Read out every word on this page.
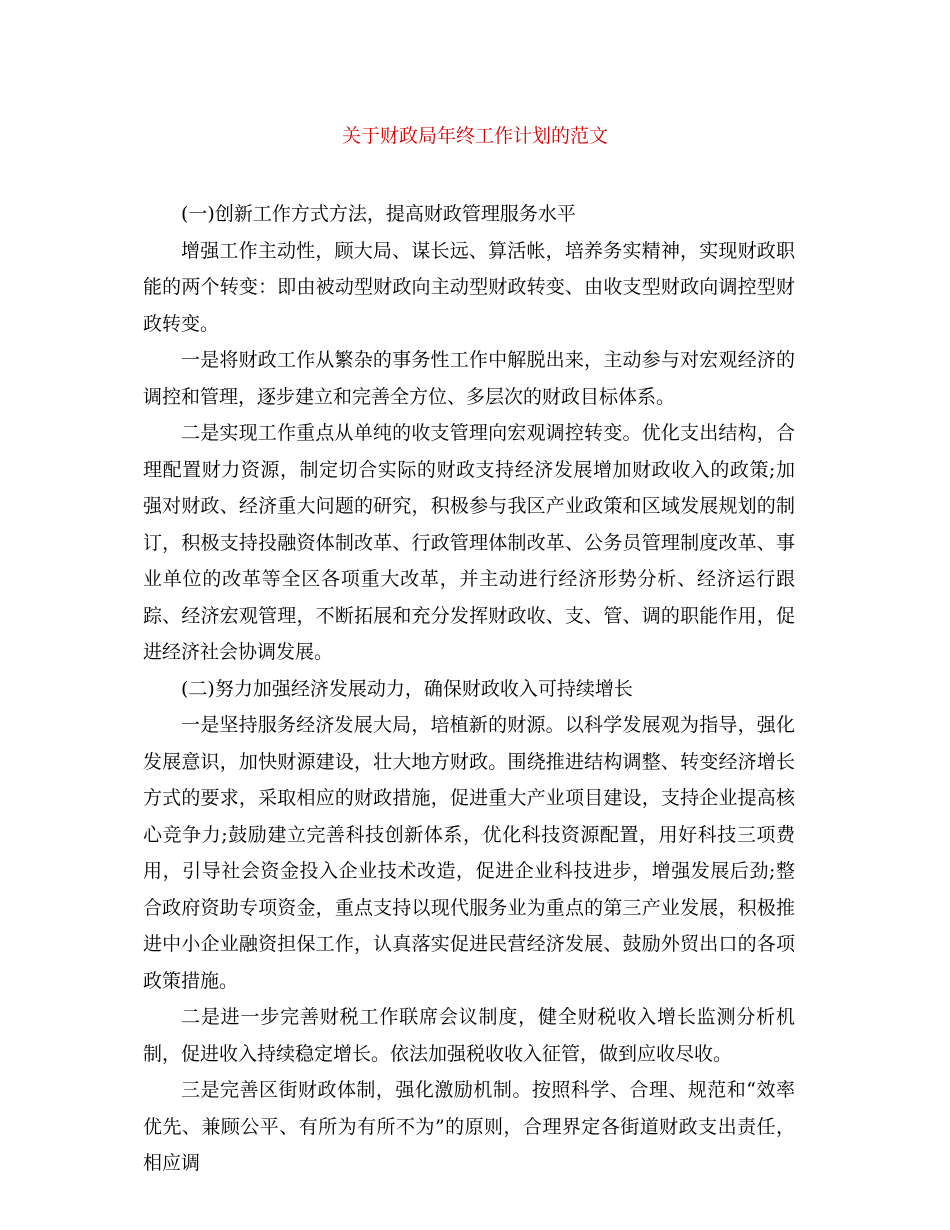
关于财政局年终工作计划的范文

(一)创新工作方式方法，提高财政管理服务水平

增强工作主动性，顾大局、谋长远、算活帐，培养务实精神，实现财政职能的两个转变：即由被动型财政向主动型财政转变、由收支型财政向调控型财政转变。

一是将财政工作从繁杂的事务性工作中解脱出来，主动参与对宏观经济的调控和管理，逐步建立和完善全方位、多层次的财政目标体系。

二是实现工作重点从单纯的收支管理向宏观调控转变。优化支出结构，合理配置财力资源，制定切合实际的财政支持经济发展增加财政收入的政策;加强对财政、经济重大问题的研究，积极参与我区产业政策和区域发展规划的制订，积极支持投融资体制改革、行政管理体制改革、公务员管理制度改革、事业单位的改革等全区各项重大改革，并主动进行经济形势分析、经济运行跟踪、经济宏观管理，不断拓展和充分发挥财政收、支、管、调的职能作用，促进经济社会协调发展。

(二)努力加强经济发展动力，确保财政收入可持续增长

一是坚持服务经济发展大局，培植新的财源。以科学发展观为指导，强化发展意识，加快财源建设，壮大地方财政。围绕推进结构调整、转变经济增长方式的要求，采取相应的财政措施，促进重大产业项目建设，支持企业提高核心竞争力;鼓励建立完善科技创新体系，优化科技资源配置，用好科技三项费用，引导社会资金投入企业技术改造，促进企业科技进步，增强发展后劲;整合政府资助专项资金，重点支持以现代服务业为重点的第三产业发展，积极推进中小企业融资担保工作，认真落实促进民营经济发展、鼓励外贸出口的各项政策措施。

二是进一步完善财税工作联席会议制度，健全财税收入增长监测分析机制，促进收入持续稳定增长。依法加强税收收入征管，做到应收尽收。

三是完善区街财政体制，强化激励机制。按照科学、合理、规范和“效率优先、兼顾公平、有所为有所不为”的原则，合理界定各街道财政支出责任，相应调
